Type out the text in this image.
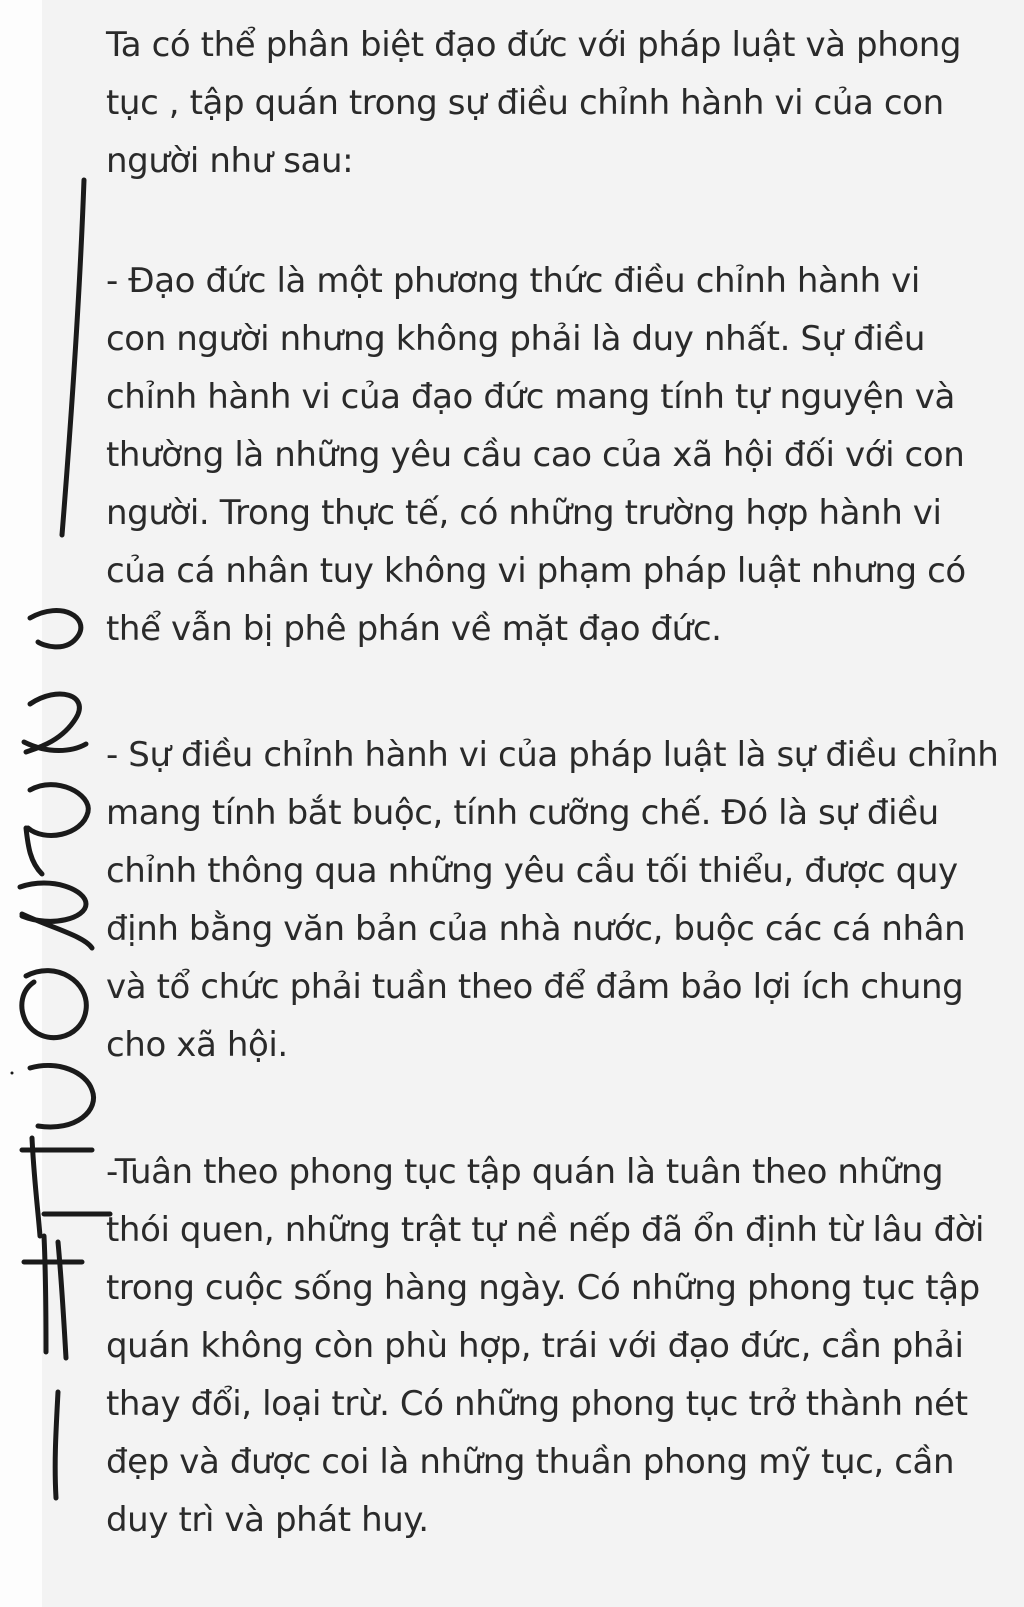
Ta có thể phân biệt đạo đức với pháp luật và phong
tục , tập quán trong sự điều chỉnh hành vi của con
người như sau:
- Đạo đức là một phương thức điều chỉnh hành vi
con người nhưng không phải là duy nhất. Sự điều
chỉnh hành vi của đạo đức mang tính tự nguyện và
thường là những yêu cầu cao của xã hội đối với con
người. Trong thực tế, có những trường hợp hành vi
của cá nhân tuy không vi phạm pháp luật nhưng có
thể vẫn bị phê phán về mặt đạo đức.
- Sự điều chỉnh hành vi của pháp luật là sự điều chỉnh
mang tính bắt buộc, tính cưỡng chế. Đó là sự điều
chỉnh thông qua những yêu cầu tối thiểu, được quy
định bằng văn bản của nhà nước, buộc các cá nhân
và tổ chức phải tuần theo để đảm bảo lợi ích chung
cho xã hội.
-Tuân theo phong tục tập quán là tuân theo những
thói quen, những trật tự nề nếp đã ổn định từ lâu đời
trong cuộc sống hàng ngày. Có những phong tục tập
quán không còn phù hợp, trái với đạo đức, cần phải
thay đổi, loại trừ. Có những phong tục trở thành nét
đẹp và được coi là những thuần phong mỹ tục, cần
duy trì và phát huy.
